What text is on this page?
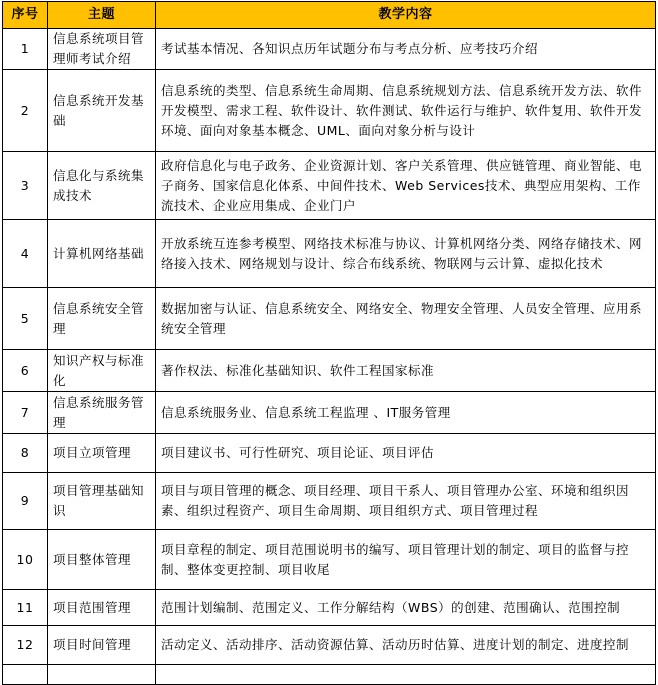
序号	主题	教学内容
1	信息系统项目管理师考试介绍	考试基本情况、各知识点历年试题分布与考点分析、应考技巧介绍
2	信息系统开发基础	信息系统的类型、信息系统生命周期、信息系统规划方法、信息系统开发方法、软件开发模型、需求工程、软件设计、软件测试、软件运行与维护、软件复用、软件开发环境、面向对象基本概念、UML、面向对象分析与设计
3	信息化与系统集成技术	政府信息化与电子政务、企业资源计划、客户关系管理、供应链管理、商业智能、电子商务、国家信息化体系、中间件技术、Web Services技术、典型应用架构、工作流技术、企业应用集成、企业门户
4	计算机网络基础	开放系统互连参考模型、网络技术标准与协议、计算机网络分类、网络存储技术、网络接入技术、网络规划与设计、综合布线系统、物联网与云计算、虚拟化技术
5	信息系统安全管理	数据加密与认证、信息系统安全、网络安全、物理安全管理、人员安全管理、应用系统安全管理
6	知识产权与标准化	著作权法、标准化基础知识、软件工程国家标准
7	信息系统服务管理	信息系统服务业、信息系统工程监理 、IT服务管理
8	项目立项管理	项目建议书、可行性研究、项目论证、项目评估
9	项目管理基础知识	项目与项目管理的概念、项目经理、项目干系人、项目管理办公室、环境和组织因素、组织过程资产、项目生命周期、项目组织方式、项目管理过程
10	项目整体管理	项目章程的制定、项目范围说明书的编写、项目管理计划的制定、项目的监督与控制、整体变更控制、项目收尾
11	项目范围管理	范围计划编制、范围定义、工作分解结构（WBS）的创建、范围确认、范围控制
12	项目时间管理	活动定义、活动排序、活动资源估算、活动历时估算、进度计划的制定、进度控制
